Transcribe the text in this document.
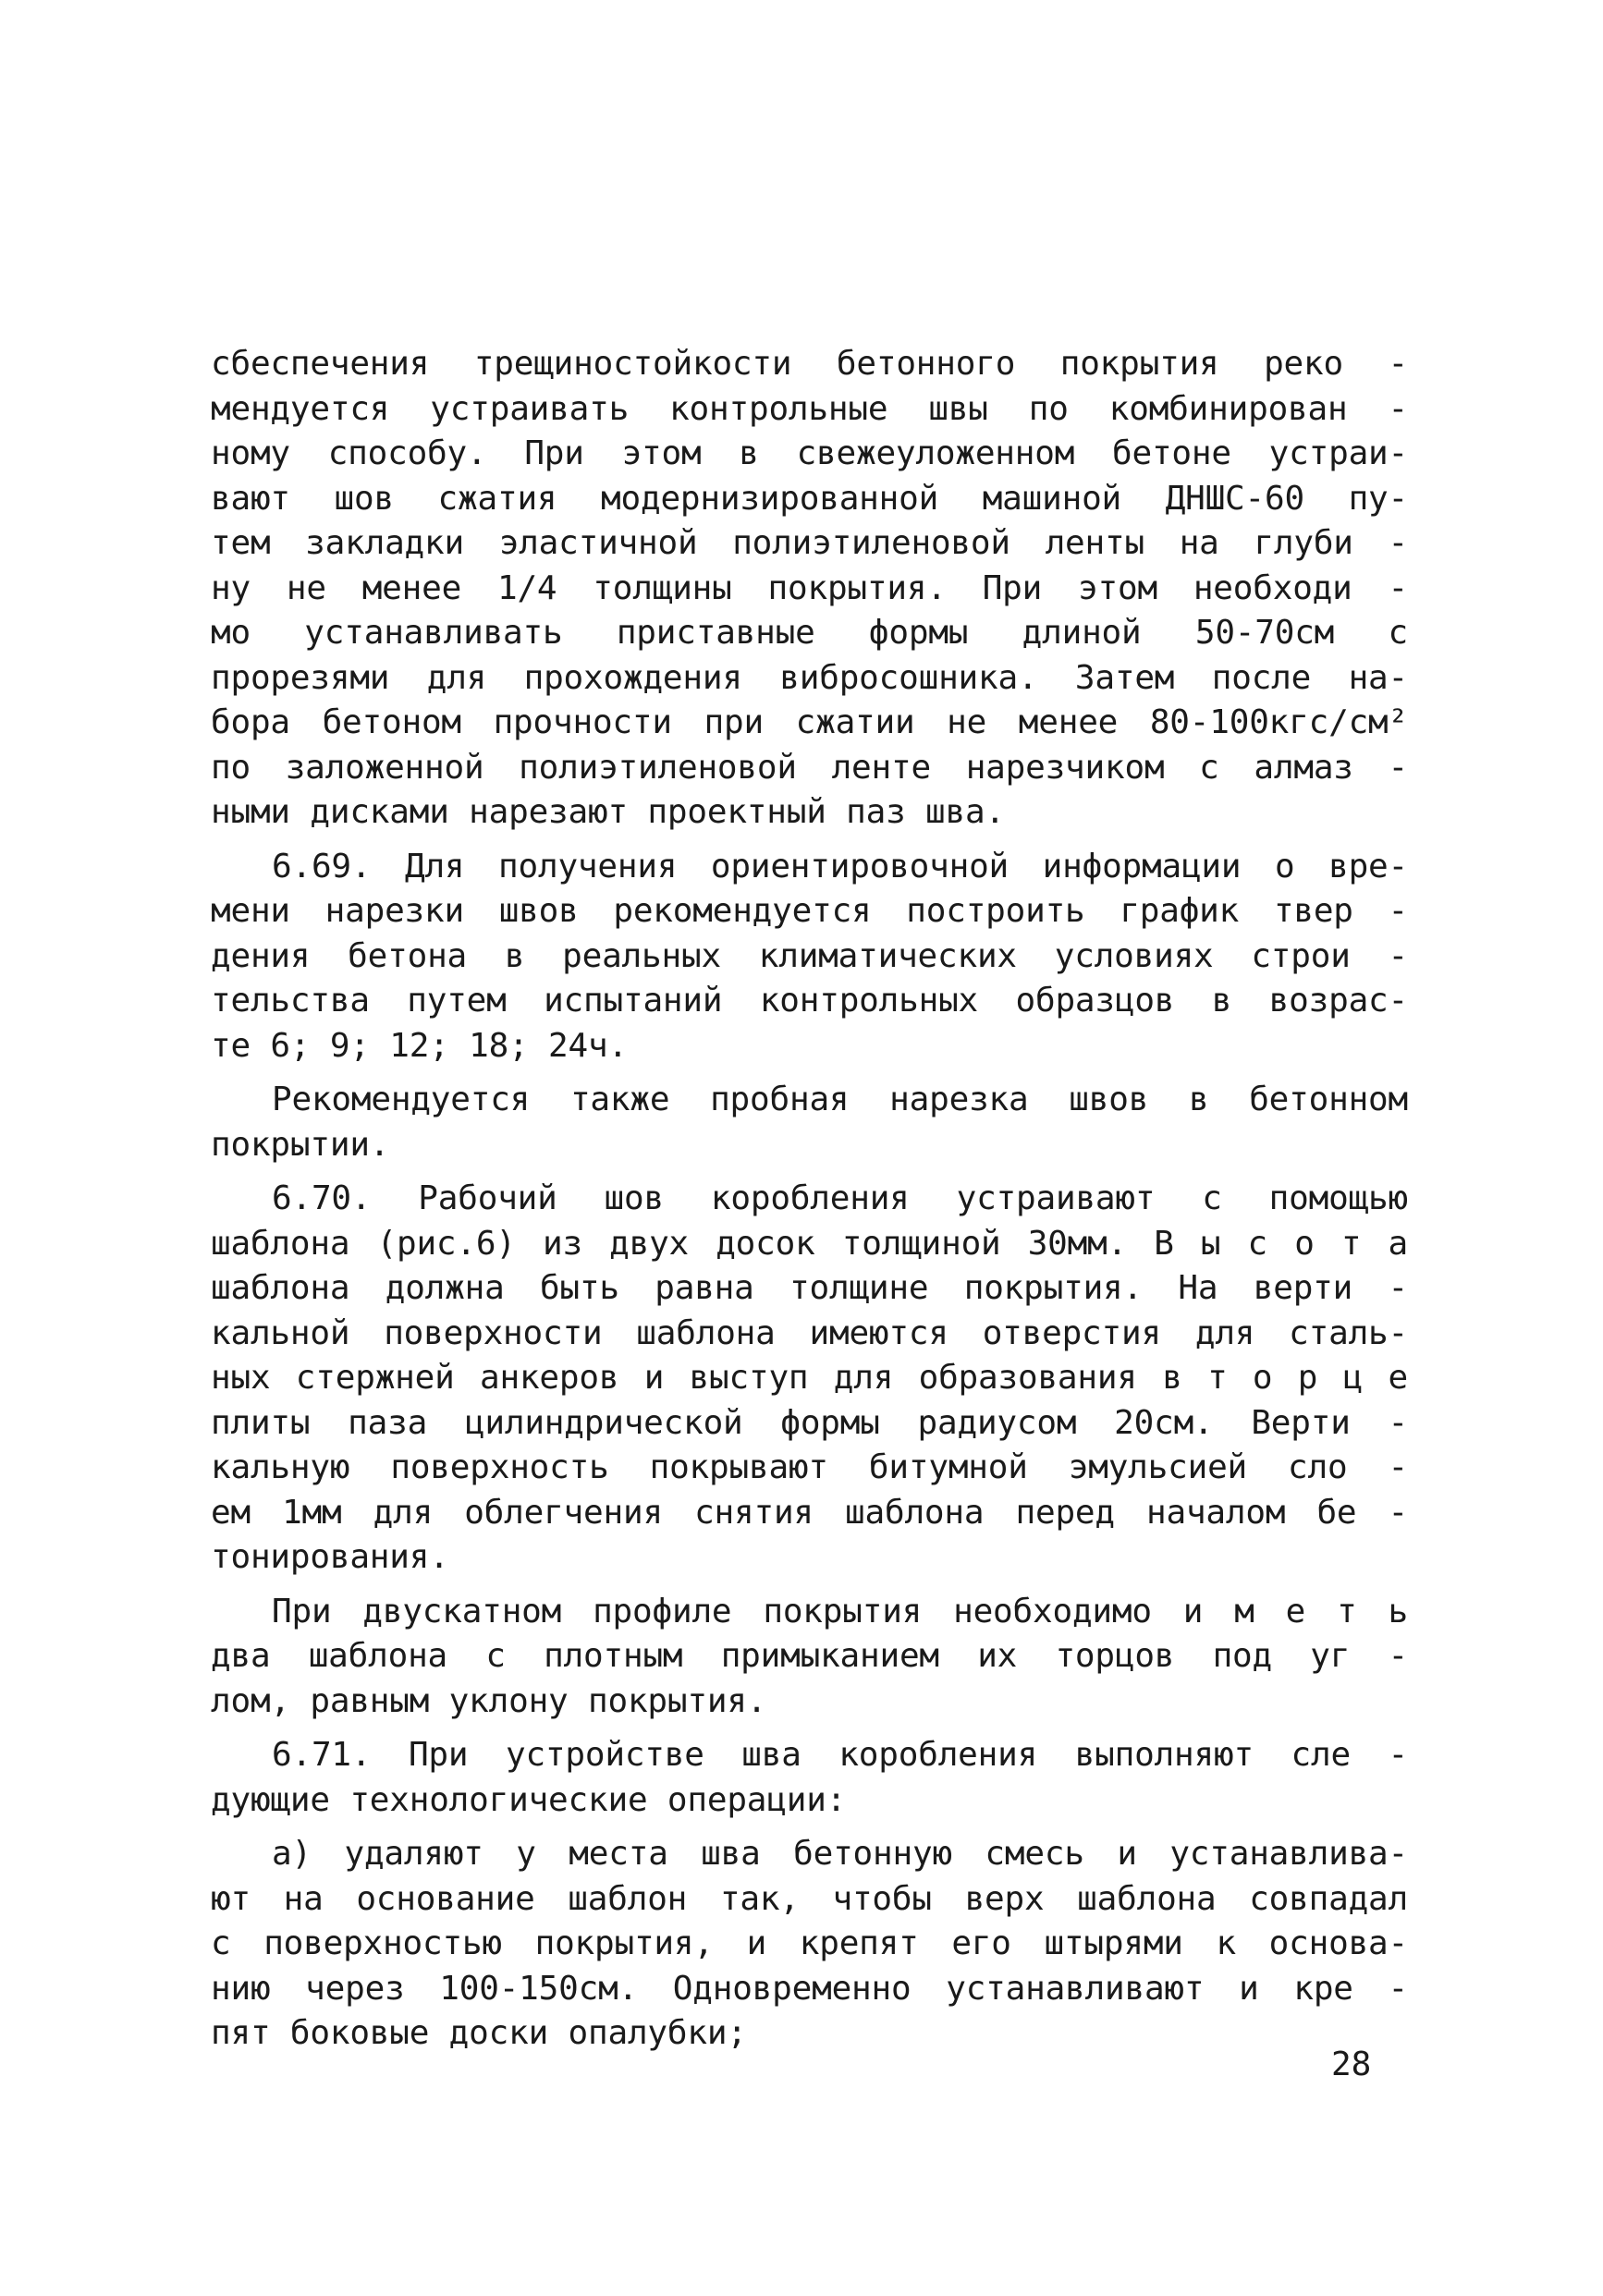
сбеспечения трещиностойкости бетонного покрытия реко -
мендуется устраивать контрольные швы по комбинирован -
ному способу. При этом в свежеуложенном бетоне устраи-
вают шов сжатия модернизированной машиной ДНШС-60 пу-
тем закладки эластичной полиэтиленовой ленты на глуби -
ну не менее 1/4 толщины покрытия. При этом необходи -
мо устанавливать приставные формы длиной 50-70см с
прорезями для прохождения вибросошника. Затем после на-
бора бетоном прочности при сжатии не менее 80-100кгс/см²
по заложенной полиэтиленовой ленте нарезчиком с алмаз -
ными дисками нарезают проектный паз шва.
6.69. Для получения ориентировочной информации о вре-
мени нарезки швов рекомендуется построить график твер -
дения бетона в реальных климатических условиях строи -
тельства путем испытаний контрольных образцов в возрас-
те 6; 9; 12; 18; 24ч.
Рекомендуется также пробная нарезка швов в бетонном
покрытии.
6.70. Рабочий шов коробления устраивают с помощью
шаблона (рис.6) из двух досок толщиной 30мм. В ы с о т а
шаблона должна быть равна толщине покрытия. На верти -
кальной поверхности шаблона имеются отверстия для сталь-
ных стержней анкеров и выступ для образования в т о р ц е
плиты паза цилиндрической формы радиусом 20см. Верти -
кальную поверхность покрывают битумной эмульсией сло -
ем 1мм для облегчения снятия шаблона перед началом бе -
тонирования.
При двускатном профиле покрытия необходимо и м е т ь
два шаблона с плотным примыканием их торцов под уг -
лом, равным уклону покрытия.
6.71. При устройстве шва коробления выполняют сле -
дующие технологические операции:
а) удаляют у места шва бетонную смесь и устанавлива-
ют на основание шаблон так, чтобы верх шаблона совпадал
с поверхностью покрытия, и крепят его штырями к основа-
нию через 100-150см. Одновременно устанавливают и кре -
пят боковые доски опалубки;
28
